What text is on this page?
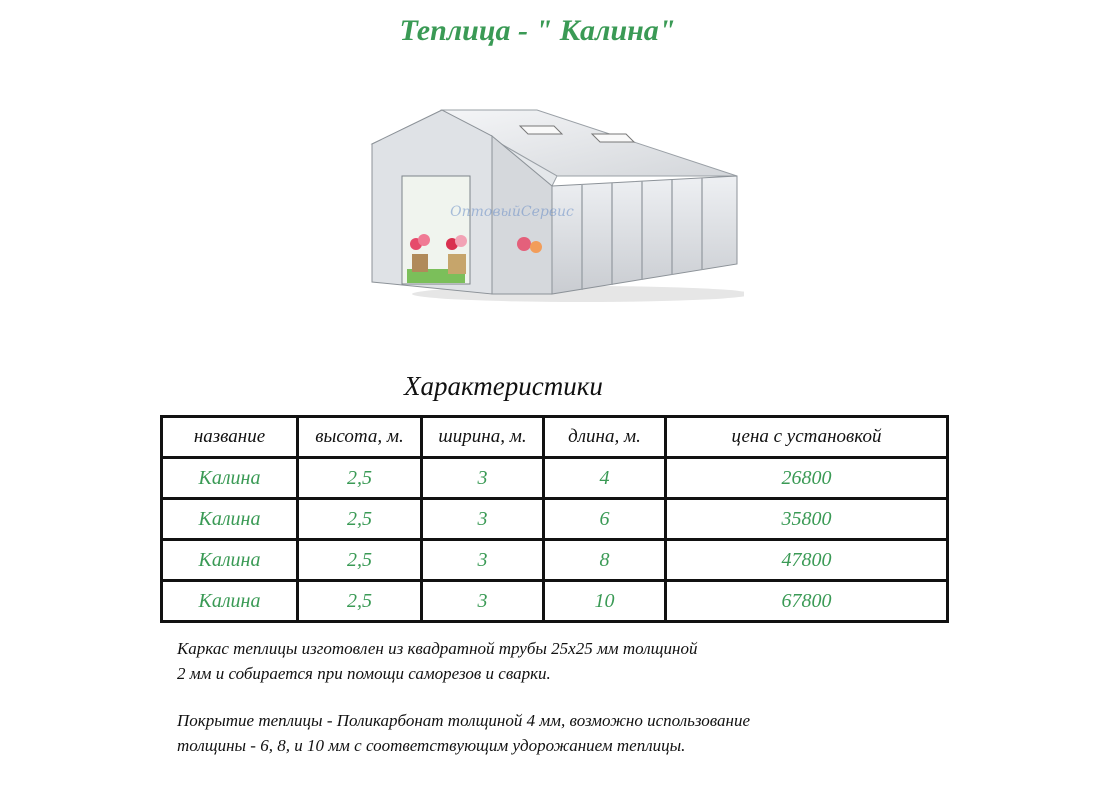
Теплица - " Калина"
ОптовыйСервис
Характеристики
название	высота, м.	ширина, м.	длина, м.	цена с установкой
Калина	2,5	3	4	26800
Калина	2,5	3	6	35800
Калина	2,5	3	8	47800
Калина	2,5	3	10	67800

Каркас теплицы изготовлен из квадратной трубы 25х25 мм толщиной
2 мм и собирается при помощи саморезов и сварки.

Покрытие теплицы - Поликарбонат толщиной 4 мм, возможно использование
толщины - 6, 8, и 10 мм с соответствующим удорожанием теплицы.
